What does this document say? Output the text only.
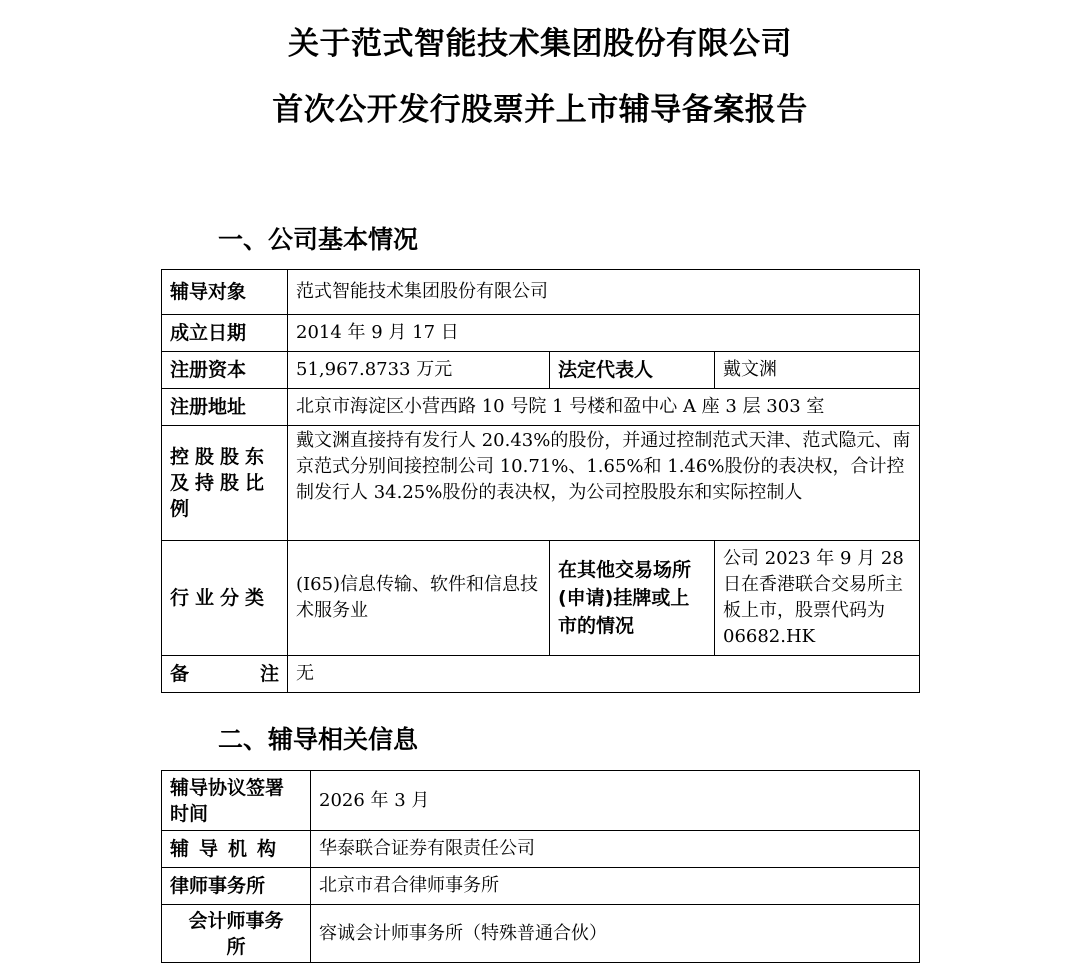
关于范式智能技术集团股份有限公司
首次公开发行股票并上市辅导备案报告
一、公司基本情况
辅导对象	范式智能技术集团股份有限公司		
成立日期	2014 年 9 月 17 日		
注册资本	51,967.8733 万元	法定代表人	戴文渊
注册地址	北京市海淀区小营西路 10 号院 1 号楼和盈中心 A 座 3 层 303 室		

控股股东
及持股比
例	戴文渊直接持有发行人 20.43%的股份，并通过控制范式天津、范式隐元、南京范式分别间接控制公司 10.71%、1.65%和 1.46%股份的表决权，合计控制发行人 34.25%股份的表决权，为公司控股股东和实际控制人		
行业分类	(I65)信息传输、软件和信息技术服务业	在其他交易场所(申请)挂牌或上市的情况	公司 2023 年 9 月 28 日在香港联合交易所主板上市，股票代码为 06682.HK

备 注	无		
二、辅导相关信息
辅导协议签署时间	2026 年 3 月
辅导机构	华泰联合证券有限责任公司
律师事务所	北京市君合律师事务所

会计师事务
所	容诚会计师事务所（特殊普通合伙）
